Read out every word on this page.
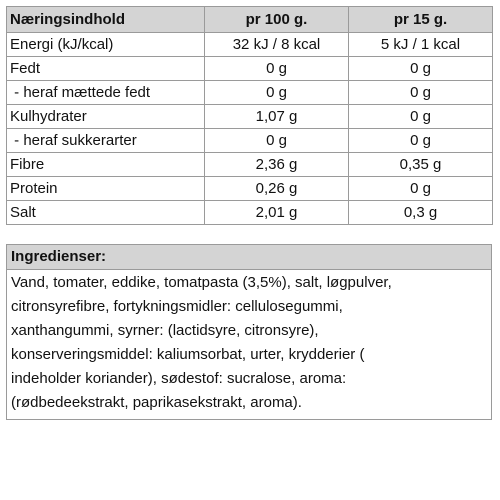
Næringsindhold	pr 100 g.	pr 15 g.
Energi (kJ/kcal)	32 kJ / 8 kcal	5 kJ / 1 kcal
Fedt	0 g	0 g
- heraf mættede fedt	0 g	0 g
Kulhydrater	1,07 g	0 g
- heraf sukkerarter	0 g	0 g
Fibre	2,36 g	0,35 g
Protein	0,26 g	0 g
Salt	2,01 g	0,3 g
Ingredienser:
Vand, tomater, eddike, tomatpasta (3,5%), salt, løgpulver,
citronsyrefibre, fortykningsmidler: cellulosegummi,
xanthangummi, syrner: (lactidsyre, citronsyre),
konserveringsmiddel: kaliumsorbat, urter, krydderier (
indeholder koriander), sødestof: sucralose, aroma:
(rødbedeekstrakt, paprikasekstrakt, aroma).
